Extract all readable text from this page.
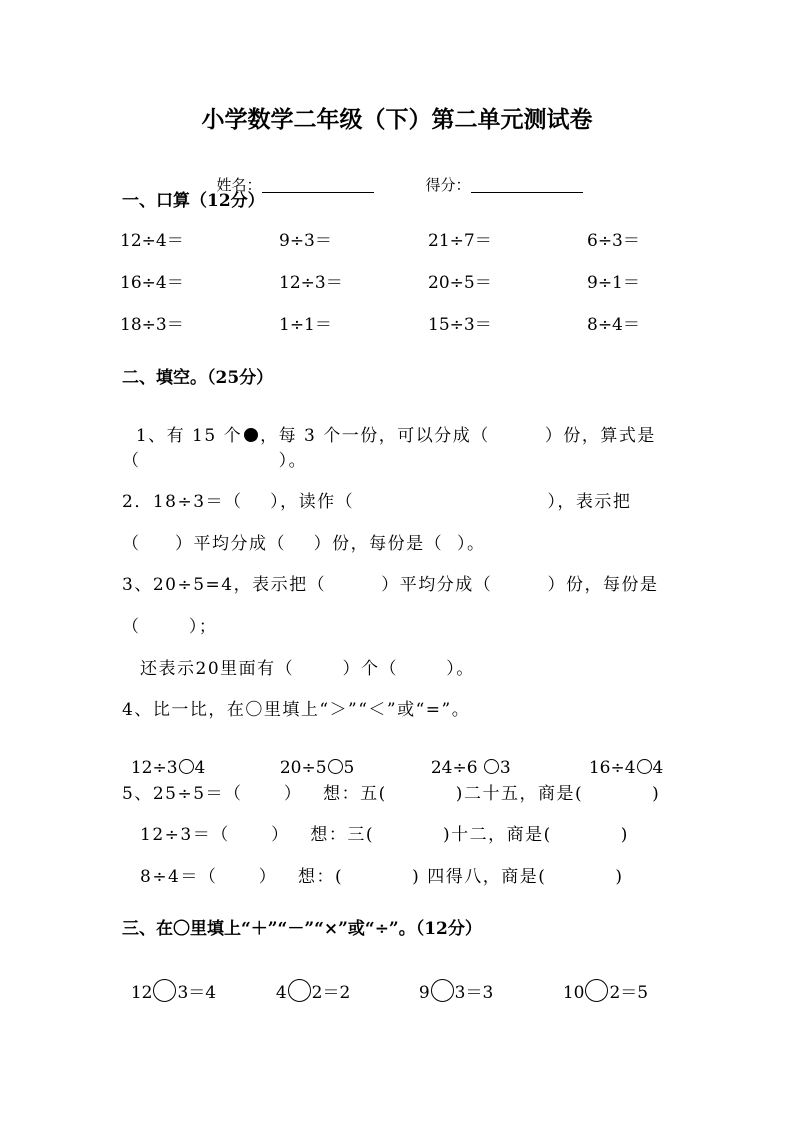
小学数学二年级（下）第二单元测试卷

姓名：	得分：

一、口算（12分）
12÷4＝	9÷3＝	21÷7＝	6÷3＝
16÷4＝	12÷3＝	20÷5＝	9÷1＝
18÷3＝	1÷1＝	15÷3＝	8÷4＝
二、填空。（25分）

1、有 15 个 ，每 3 个一份，可以分成（        ）份，算式是

（                    ）。
2．18÷3＝（    ），读作（                            ），表示把
（     ）平均分成（    ）份，每份是（  ）。
3、20÷5=4，表示把（        ）平均分成（        ）份，每份是
（       ）；
还表示20里面有（       ）个（       ）。
4、比一比，在〇里填上“＞”“＜”或“=”。

12÷3 4	20÷5 5	24÷6 3	16÷4 4

5、25÷5＝（      ）   想：五(          )二十五，商是(          )
12÷3＝（      ）   想：三(          )十二，商是(          )
8÷4＝（      ）   想：(          ) 四得八，商是(          )
三、在〇里填上“＋”“－”“×”或“÷”。（12分）

12 3＝4	4 2＝2	9 3＝3	10 2＝5
